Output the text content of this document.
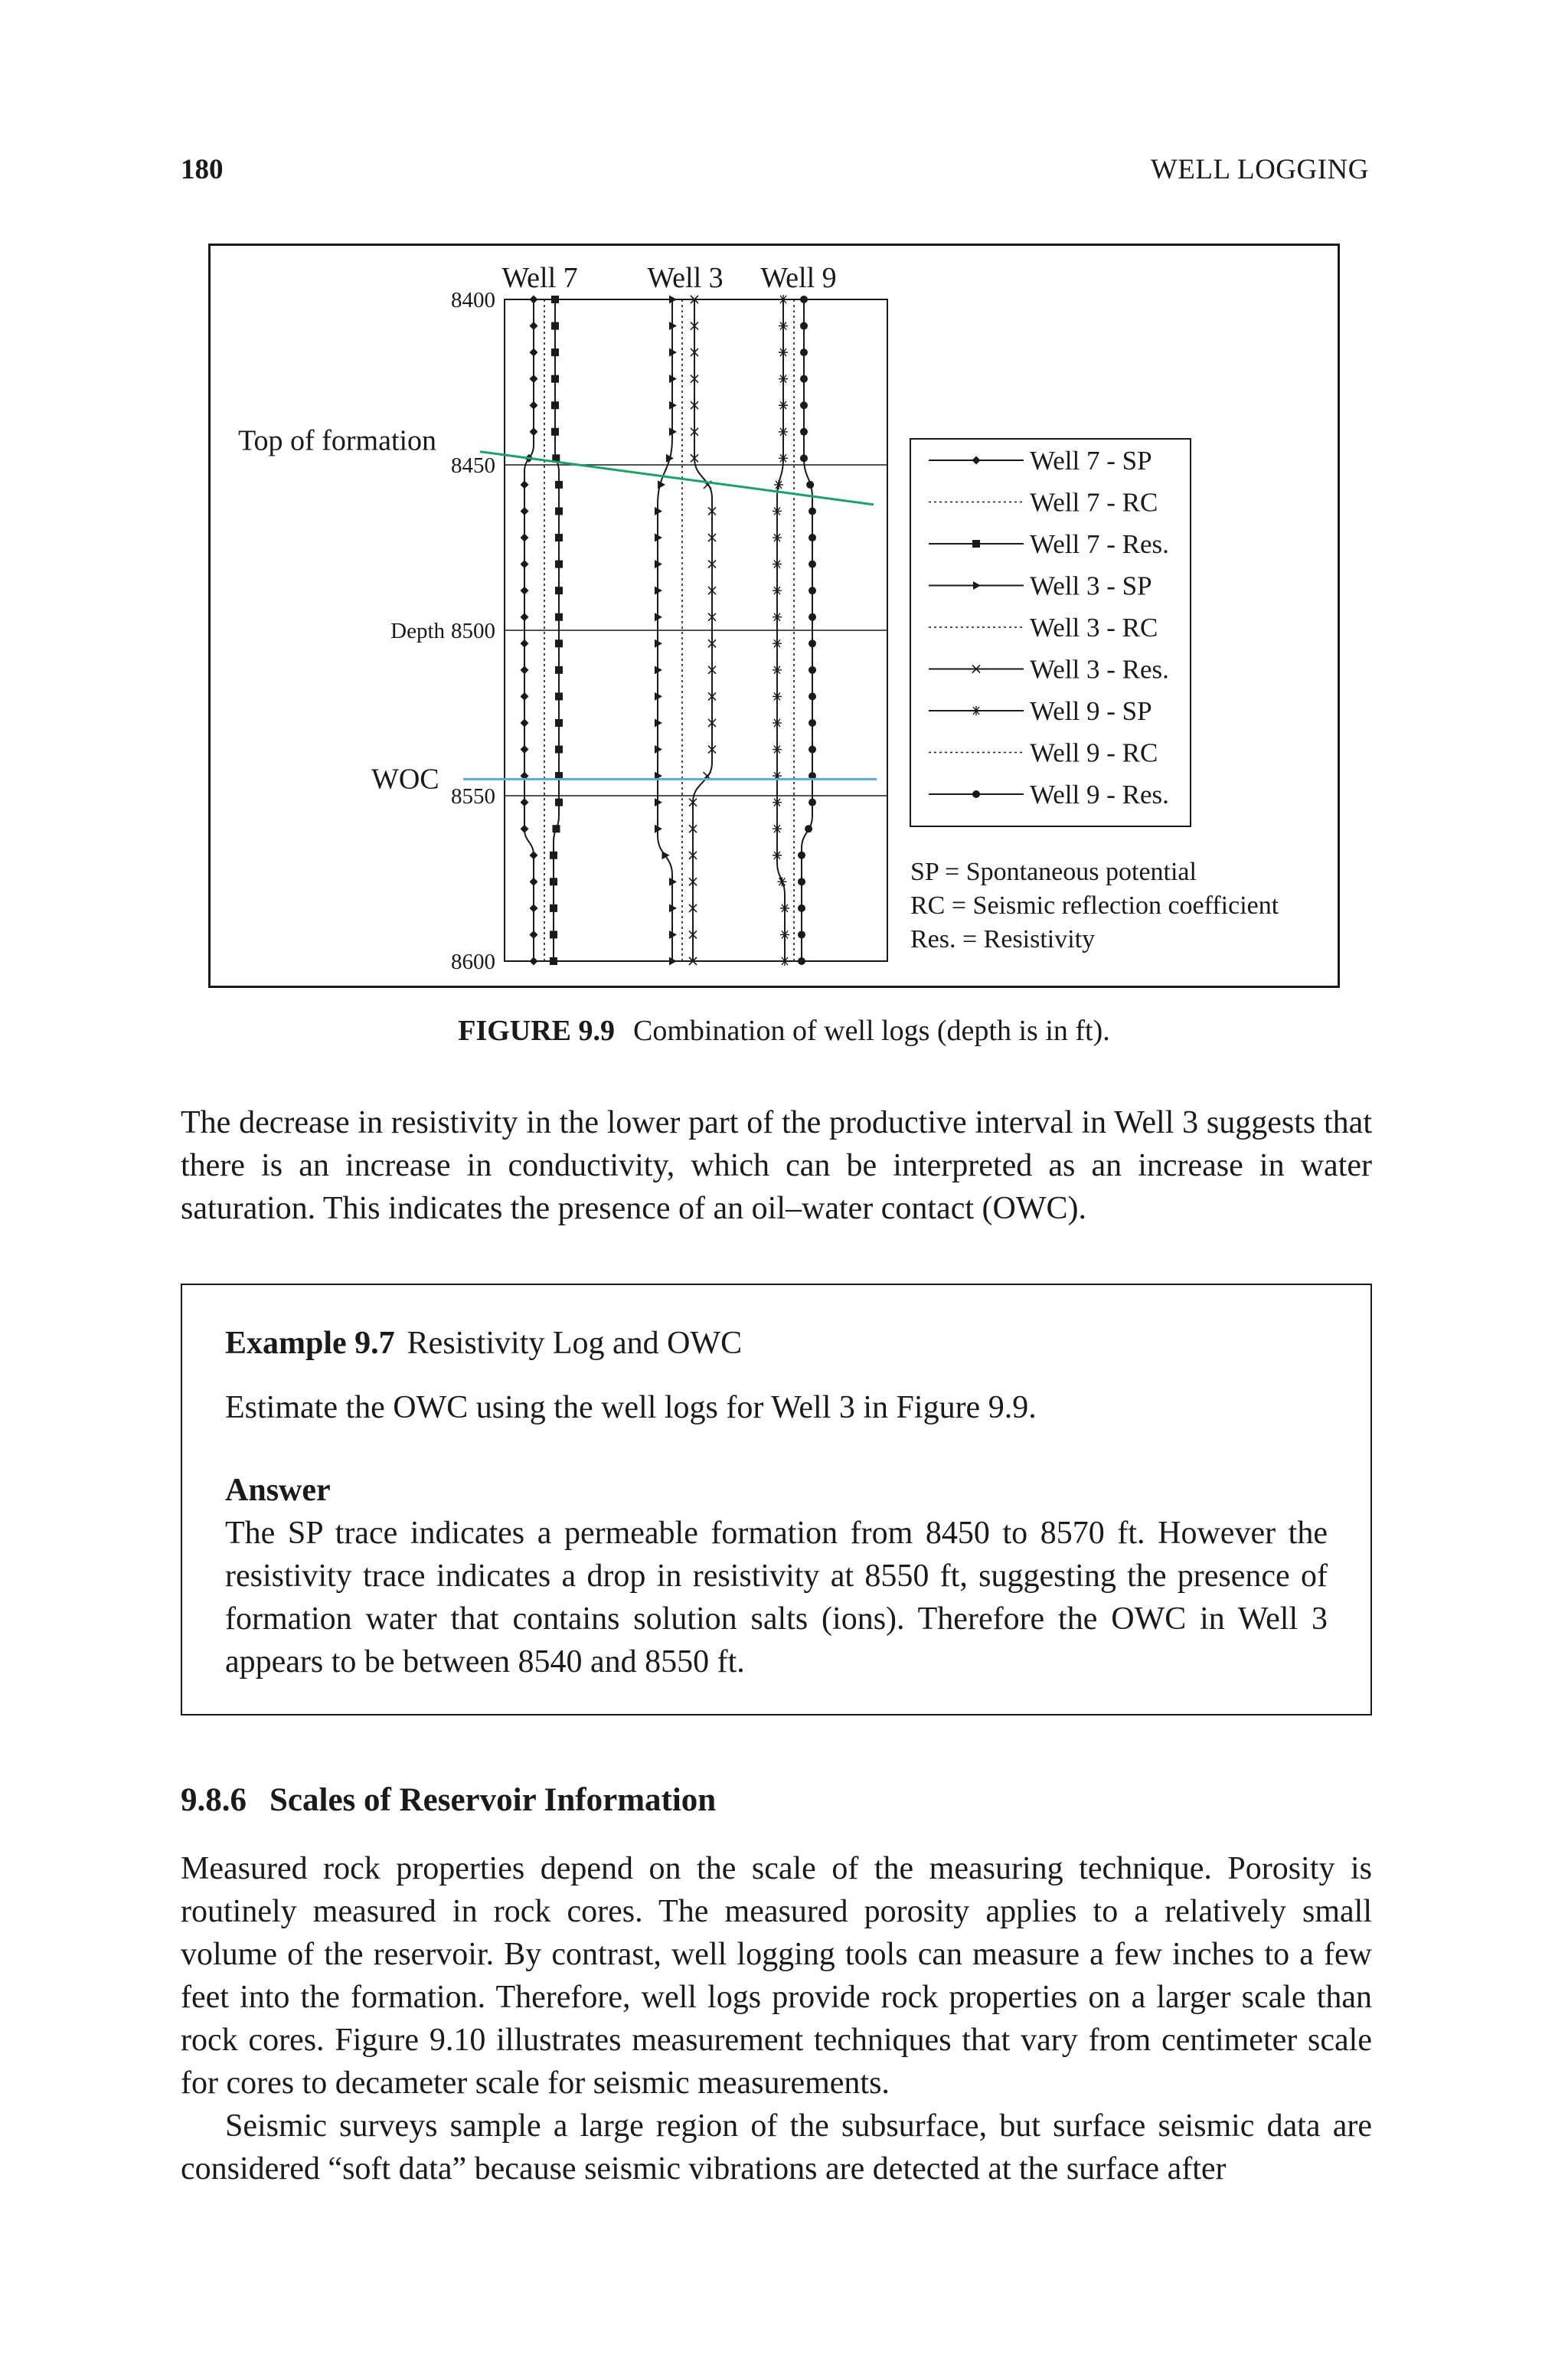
180	WELL LOGGING
8400
8450
8500
8550
8600
Depth
Well 7 Well 3 Well 9
Top of formation
WOC
Well 7 - SP
Well 7 - RC
Well 7 - Res.
Well 3 - SP
Well 3 - RC
Well 3 - Res.
Well 9 - SP
Well 9 - RC
Well 9 - Res.
SP = Spontaneous potential
RC = Seismic reflection coefficient
Res. = Resistivity
FIGURE 9.9 Combination of well logs (depth is in ft).

The decrease in resistivity in the lower part of the productive interval in Well 3 suggests that there is an increase in conductivity, which can be interpreted as an increase in water saturation. This indicates the presence of an oil–water contact (OWC).

Example 9.7 Resistivity Log and OWC

Estimate the OWC using the well logs for Well 3 in Figure 9.9.

Answer

The SP trace indicates a permeable formation from 8450 to 8570 ft. However the resistivity trace indicates a drop in resistivity at 8550 ft, suggesting the presence of formation water that contains solution salts (ions). Therefore the OWC in Well 3 appears to be between 8540 and 8550 ft.

9.8.6 Scales of Reservoir Information

Measured rock properties depend on the scale of the measuring technique. Porosity is routinely measured in rock cores. The measured porosity applies to a relatively small volume of the reservoir. By contrast, well logging tools can measure a few inches to a few feet into the formation. Therefore, well logs provide rock properties on a larger scale than rock cores. Figure 9.10 illustrates measurement techniques that vary from centimeter scale for cores to decameter scale for seismic measurements.

Seismic surveys sample a large region of the subsurface, but surface seismic data are considered “soft data” because seismic vibrations are detected at the surface after
